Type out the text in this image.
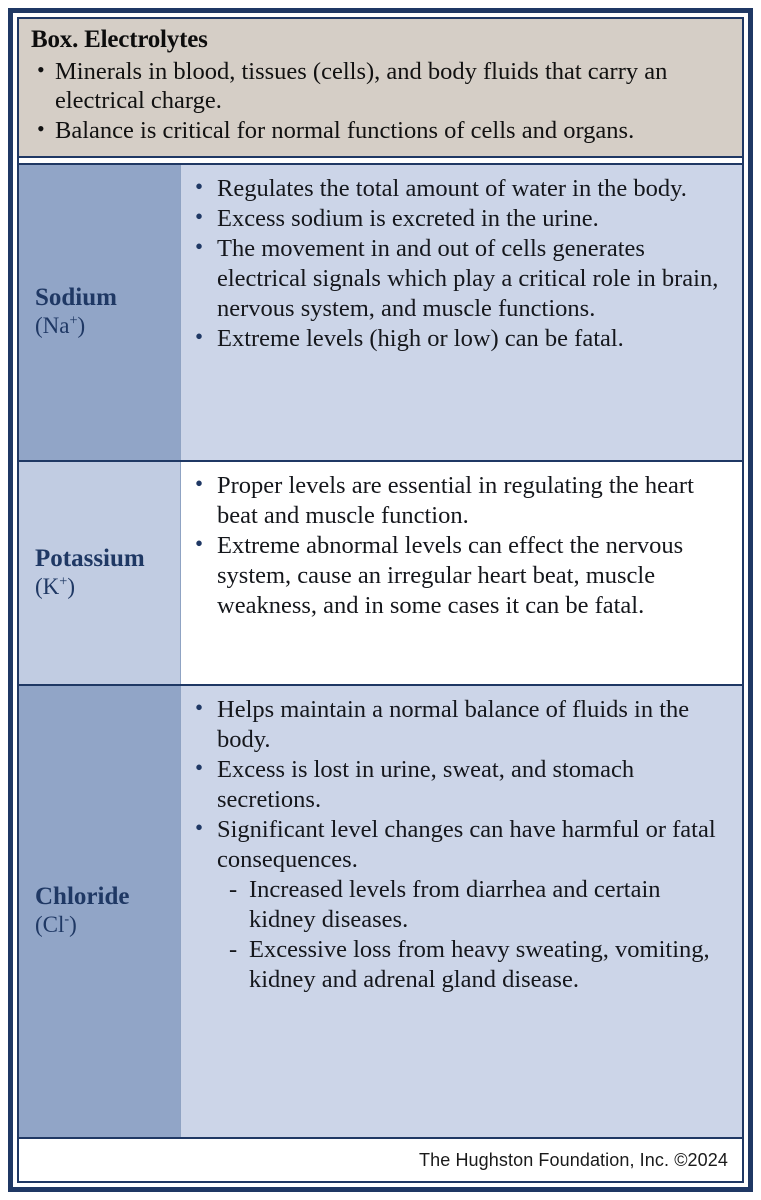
Box. Electrolytes
• Minerals in blood, tissues (cells), and body fluids that carry an electrical charge.
• Balance is critical for normal functions of cells and organs.
Sodium
(Na+)
• Regulates the total amount of water in the body.
• Excess sodium is excreted in the urine.
• The movement in and out of cells generates electrical signals which play a critical role in brain, nervous system, and muscle functions.
• Extreme levels (high or low) can be fatal.
Potassium
(K+)
• Proper levels are essential in regulating the heart beat and muscle function.
• Extreme abnormal levels can effect the nervous system, cause an irregular heart beat, muscle weakness, and in some cases it can be fatal.
Chloride
(Cl-)
• Helps maintain a normal balance of fluids in the body.
• Excess is lost in urine, sweat, and stomach secretions.
• Significant level changes can have harmful or fatal consequences.
- Increased levels from diarrhea and certain kidney diseases.
- Excessive loss from heavy sweating, vomiting, kidney and adrenal gland disease.
The Hughston Foundation, Inc. ©2024
